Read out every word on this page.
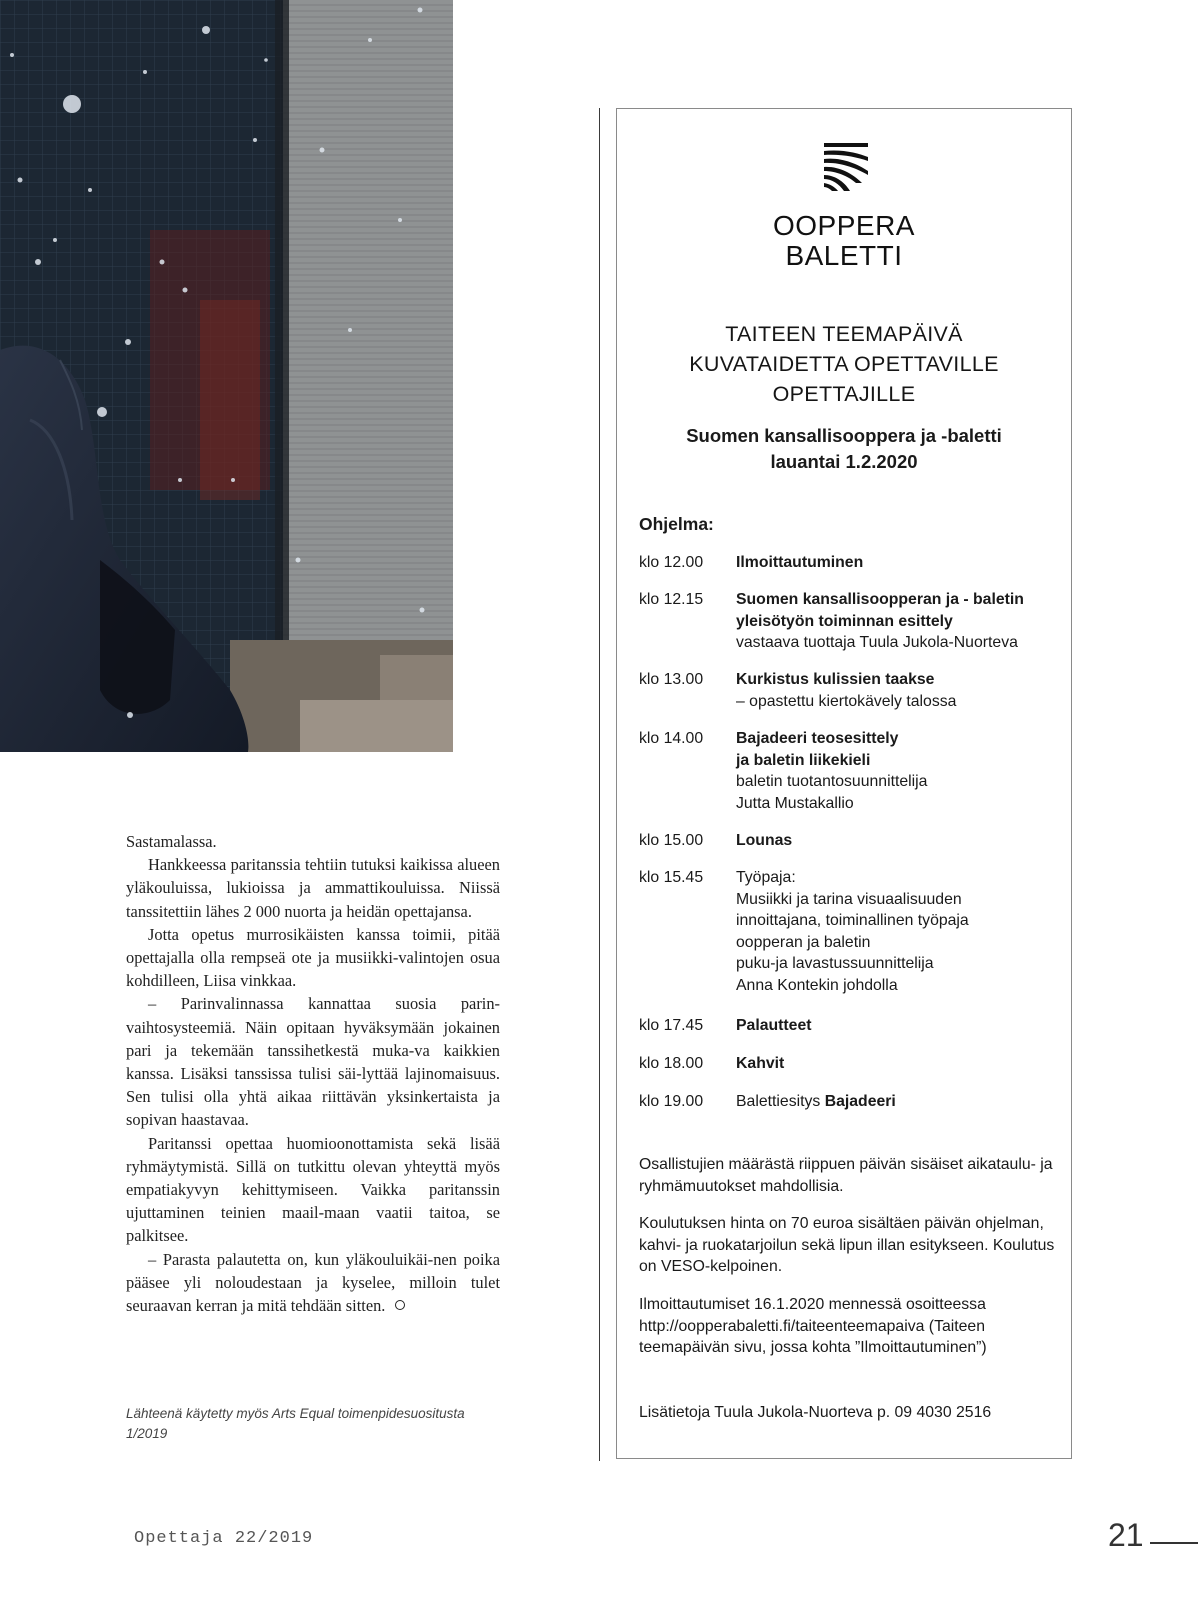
Sastamalassa.

Hankkeessa paritanssia tehtiin tutuksi kaikissa alueen yläkouluissa, lukioissa ja ammattikouluissa. Niissä tanssitettiin lähes 2 000 nuorta ja heidän opettajansa.

Jotta opetus murrosikäisten kanssa toimii, pitää opettajalla olla rempseä ote ja musiikki-valintojen osua kohdilleen, Liisa vinkkaa.

– Parinvalinnassa kannattaa suosia parin-vaihtosysteemiä. Näin opitaan hyväksymään jokainen pari ja tekemään tanssihetkestä muka-va kaikkien kanssa. Lisäksi tanssissa tulisi säi-lyttää lajinomaisuus. Sen tulisi olla yhtä aikaa riittävän yksinkertaista ja sopivan haastavaa.

Paritanssi opettaa huomioonottamista sekä lisää ryhmäytymistä. Sillä on tutkittu olevan yhteyttä myös empatiakyvyn kehittymiseen. Vaikka paritanssin ujuttaminen teinien maail-maan vaatii taitoa, se palkitsee.

– Parasta palautetta on, kun yläkouluikäi-nen poika pääsee yli noloudestaan ja kyselee, milloin tulet seuraavan kerran ja mitä tehdään sitten.

Lähteenä käytetty myös Arts Equal toimenpidesuositusta 1/2019
OOPPERA
BALETTI
TAITEEN TEEMAPÄIVÄ
KUVATAIDETTA OPETTAVILLE
OPETTAJILLE
Suomen kansallisooppera ja -baletti
lauantai 1.2.2020
Ohjelma:
klo 12.00	Ilmoittautuminen
klo 12.15	Suomen kansallisoopperan ja - baletin
yleisötyön toiminnan esittely
vastaava tuottaja Tuula Jukola-Nuorteva
klo 13.00	Kurkistus kulissien taakse
– opastettu kiertokävely talossa
klo 14.00	Bajadeeri teosesittely
ja baletin liikekieli
baletin tuotantosuunnittelija
Jutta Mustakallio
klo 15.00	Lounas
klo 15.45	Työpaja:
Musiikki ja tarina visuaalisuuden
innoittajana, toiminallinen työpaja
oopperan ja baletin
puku-ja lavastussuunnittelija
Anna Kontekin johdolla
klo 17.45	Palautteet
klo 18.00	Kahvit
klo 19.00	Balettiesitys Bajadeeri

Osallistujien määrästä riippuen päivän sisäiset aikataulu- ja ryhmämuutokset mahdollisia.

Koulutuksen hinta on 70 euroa sisältäen päivän ohjelman, kahvi- ja ruokatarjoilun sekä lipun illan esitykseen. Koulutus on VESO-kelpoinen.

Ilmoittautumiset 16.1.2020 mennessä osoitteessa http://oopperabaletti.fi/taiteenteemapaiva (Taiteen teemapäivän sivu, jossa kohta ”Ilmoittautuminen”)

Lisätietoja Tuula Jukola-Nuorteva p. 09 4030 2516

Opettaja 22/2019	21
